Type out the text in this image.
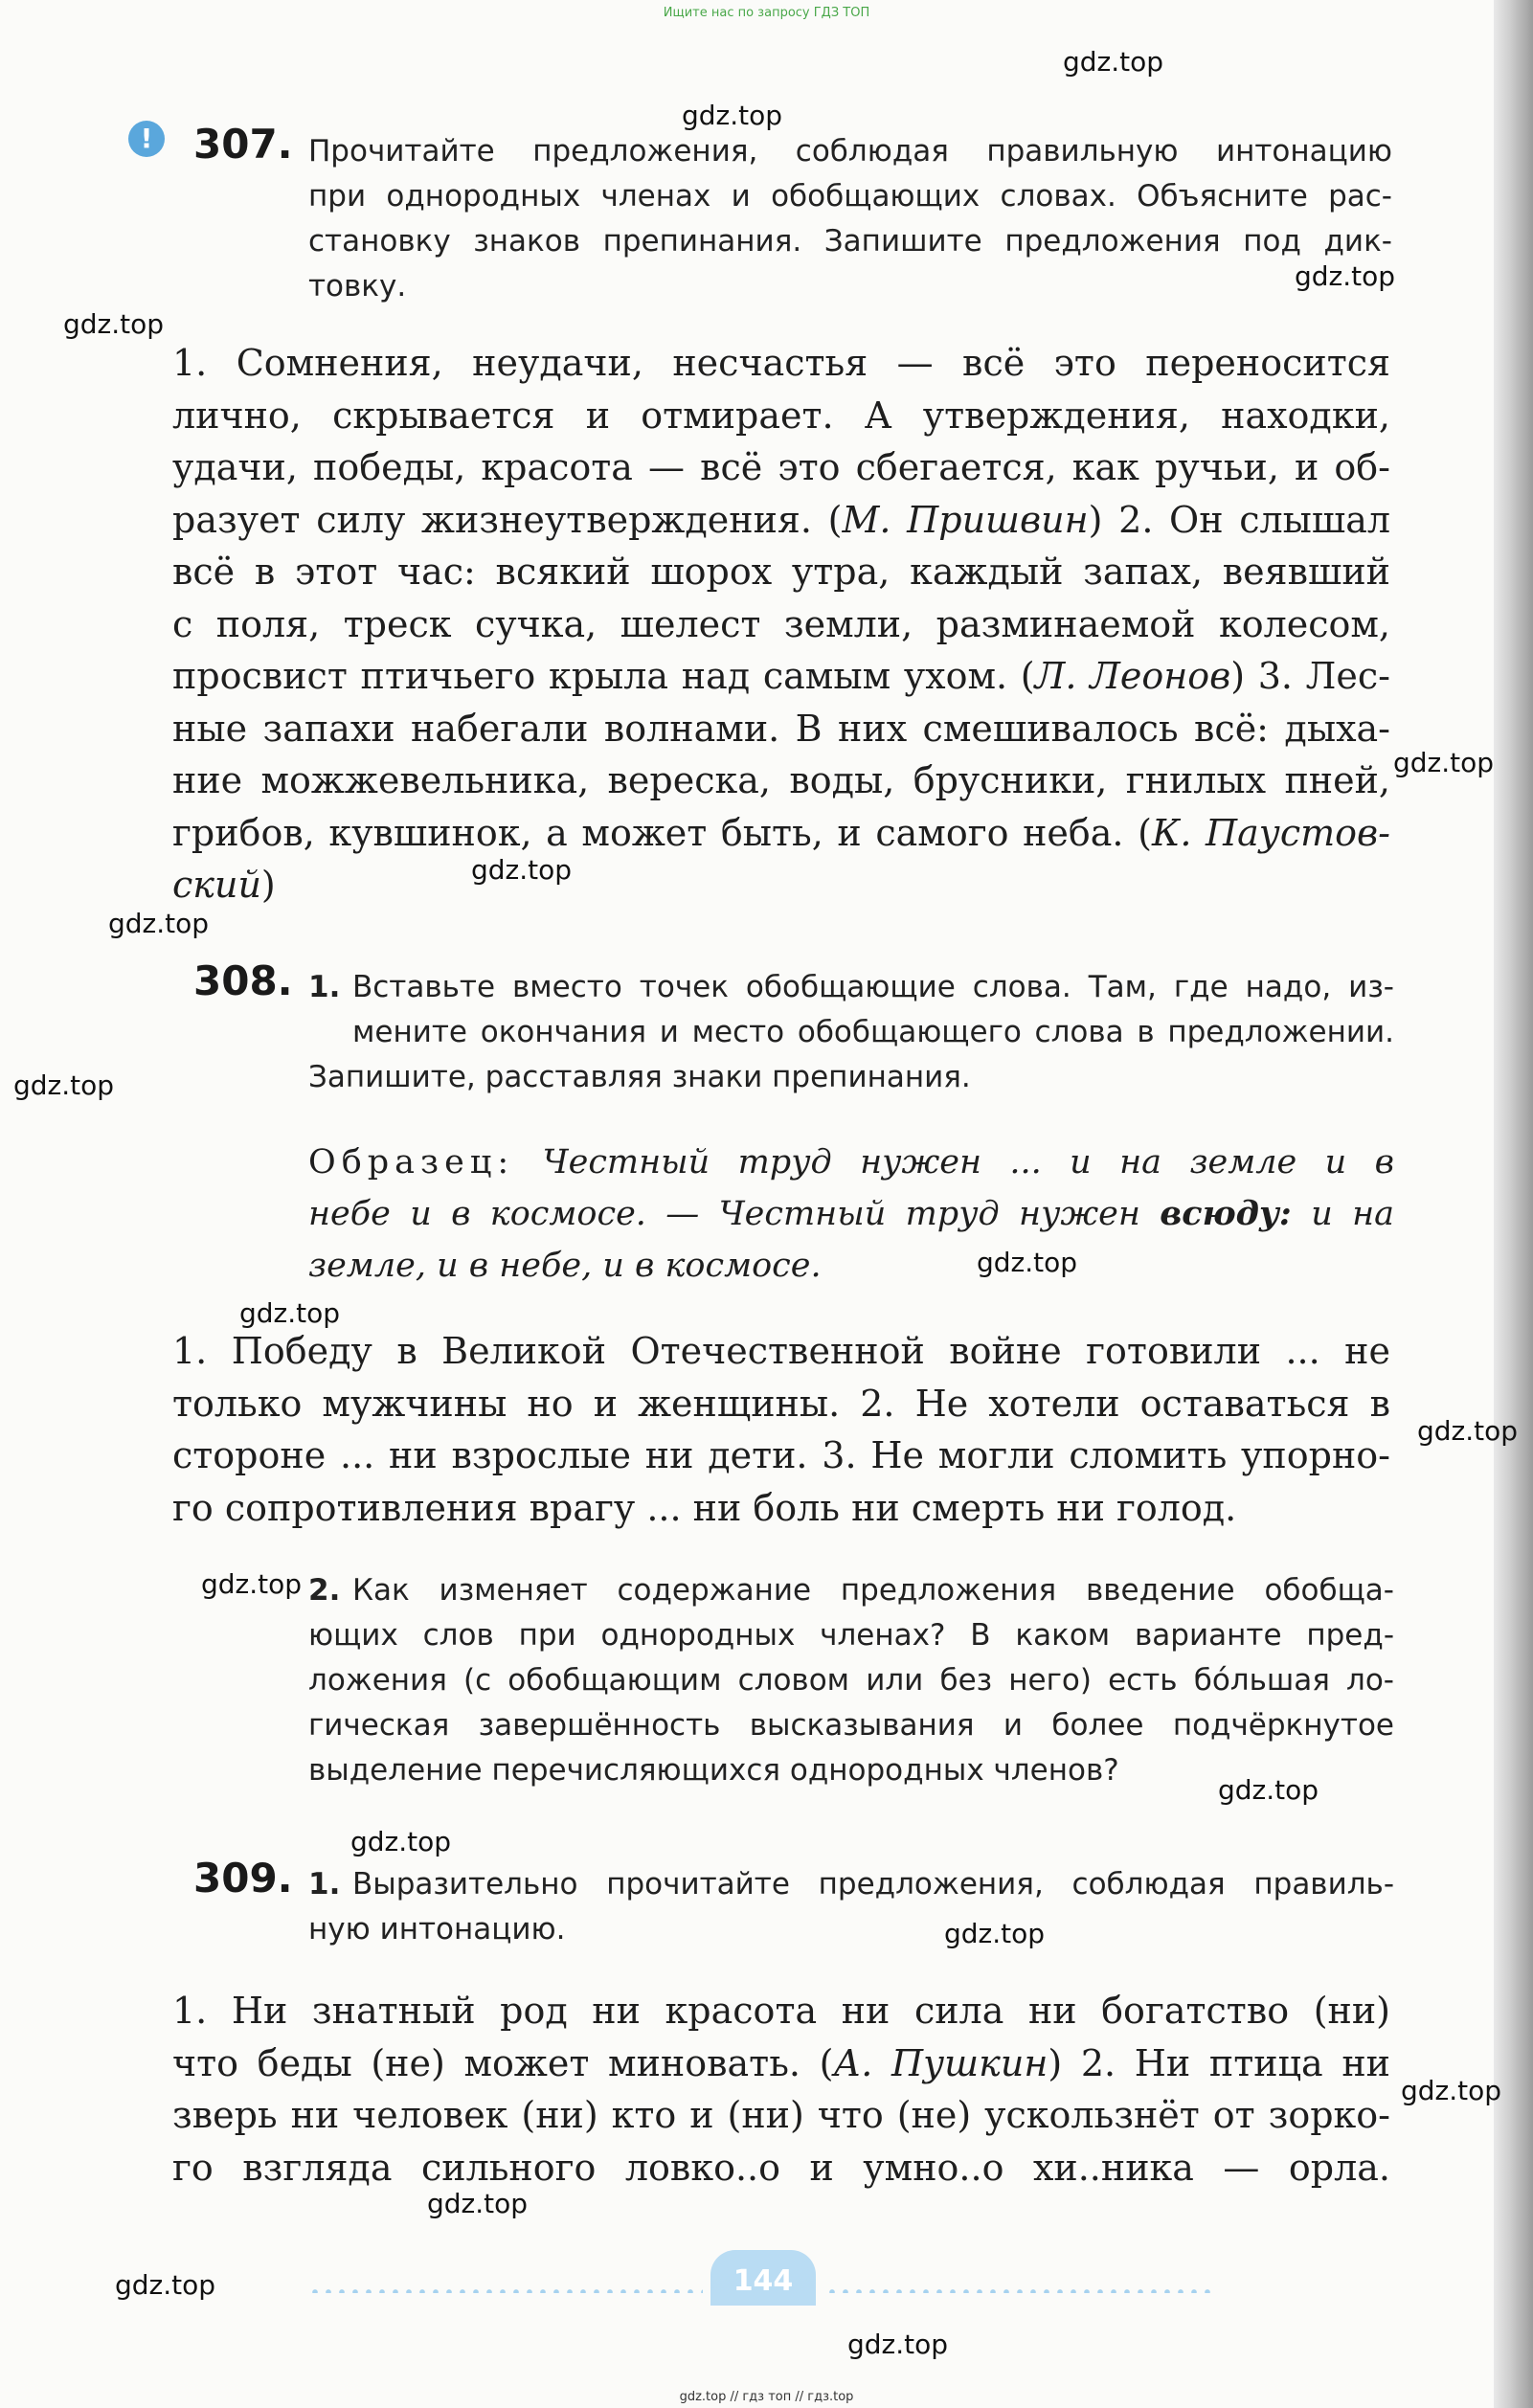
Ищите нас по запросу ГДЗ ТОП
gdz.top
gdz.top
gdz.top
gdz.top
gdz.top
gdz.top
gdz.top
gdz.top
gdz.top
gdz.top
gdz.top
gdz.top
gdz.top
gdz.top
gdz.top
gdz.top
gdz.top
gdz.top
gdz.top
!	307. Прочитайте предложения, соблюдая правильную интонацию
при однородных членах и обобщающих словах. Объясните рас-
становку знаков препинания. Запишите предложения под дик-
товку.
1. Сомнения, неудачи, несчастья — всё это переносится
лично, скрывается и отмирает. А утверждения, находки,
удачи, победы, красота — всё это сбегается, как ручьи, и об-
разует силу жизнеутверждения. (М. Пришвин) 2. Он слышал
всё в этот час: всякий шорох утра, каждый запах, веявший
с поля, треск сучка, шелест земли, разминаемой колесом,
просвист птичьего крыла над самым ухом. (Л. Леонов) 3. Лес-
ные запахи набегали волнами. В них смешивалось всё: дыха-
ние можжевельника, вереска, воды, брусники, гнилых пней,
грибов, кувшинок, а может быть, и самого неба. (К. Паустов-
ский)
308. 1. Вставьте вместо точек обобщающие слова. Там, где надо, из-
мените окончания и место обобщающего слова в предложении.
Запишите, расставляя знаки препинания.
Образец: Честный труд нужен ... и на земле и в
небе и в космосе. — Честный труд нужен всюду: и на
земле, и в небе, и в космосе.
1. Победу в Великой Отечественной войне готовили ... не
только мужчины но и женщины. 2. Не хотели оставаться в
стороне ... ни взрослые ни дети. 3. Не могли сломить упорно-
го сопротивления врагу ... ни боль ни смерть ни голод.
2. Как изменяет содержание предложения введение обобща-
ющих слов при однородных членах? В каком варианте пред-
ложения (с обобщающим словом или без него) есть бо́льшая ло-
гическая завершённость высказывания и более подчёркнутое
выделение перечисляющихся однородных членов?
309. 1. Выразительно прочитайте предложения, соблюдая правиль-
ную интонацию.
1. Ни знатный род ни красота ни сила ни богатство (ни)
что беды (не) может миновать. (А. Пушкин) 2. Ни птица ни
зверь ни человек (ни) кто и (ни) что (не) ускользнёт от зорко-
го взгляда сильного ловко..о и умно..о хи..ника — орла.
144
gdz.top // гдз топ // гдз.top
